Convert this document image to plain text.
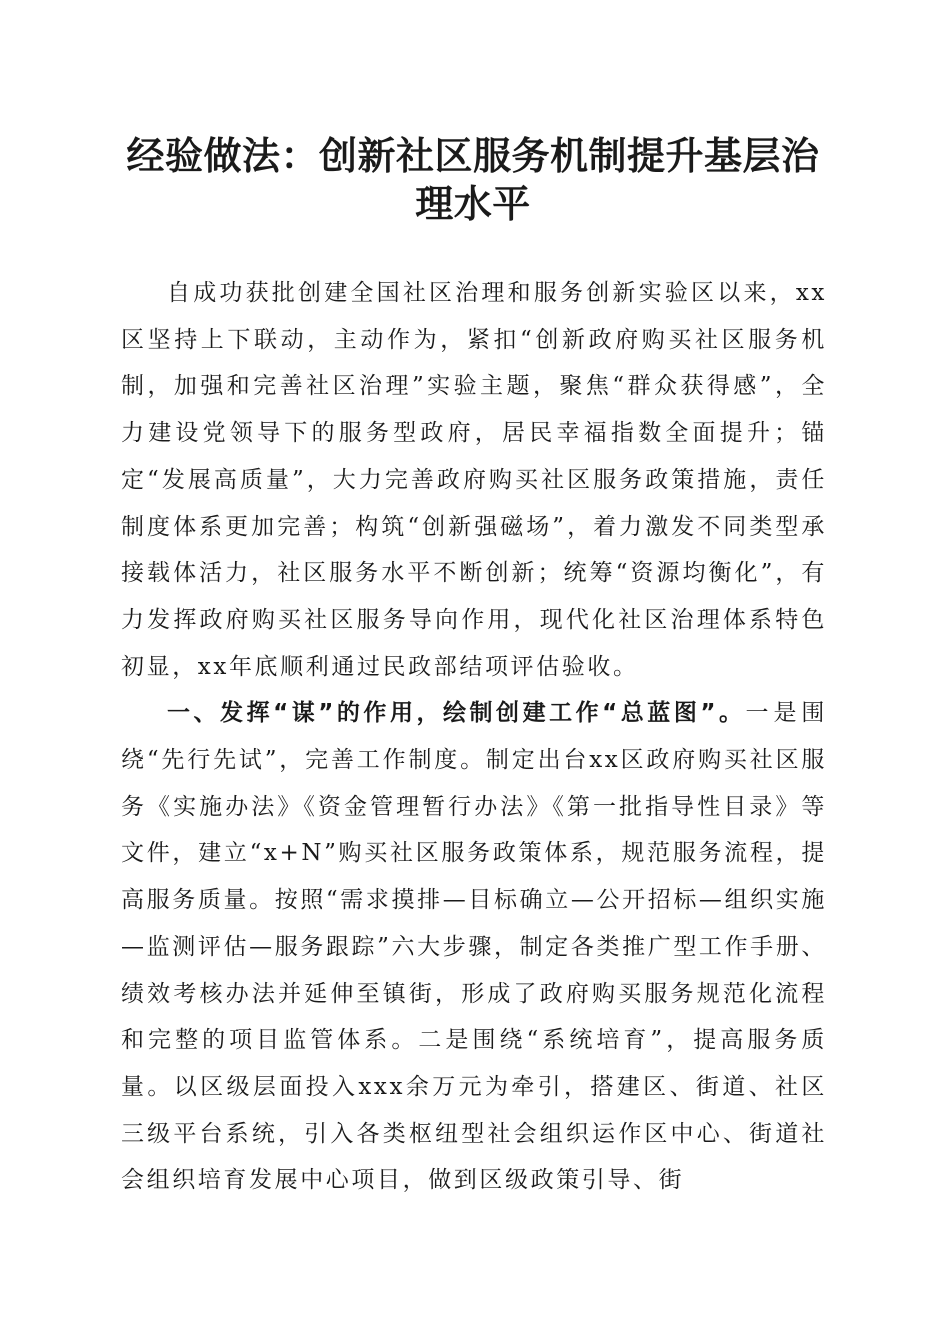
经验做法：创新社区服务机制提升基层治理水平

自成功获批创建全国社区治理和服务创新实验区以来，xx区坚持上下联动，主动作为，紧扣“创新政府购买社区服务机制，加强和完善社区治理”实验主题，聚焦“群众获得感”，全力建设党领导下的服务型政府，居民幸福指数全面提升；锚定“发展高质量”，大力完善政府购买社区服务政策措施，责任制度体系更加完善；构筑“创新强磁场”，着力激发不同类型承接载体活力，社区服务水平不断创新；统筹“资源均衡化”，有力发挥政府购买社区服务导向作用，现代化社区治理体系特色初显，xx年底顺利通过民政部结项评估验收。

一、发挥“谋”的作用，绘制创建工作“总蓝图”。一是围绕“先行先试”，完善工作制度。制定出台xx区政府购买社区服务《实施办法》《资金管理暂行办法》《第一批指导性目录》等文件，建立“x+N”购买社区服务政策体系，规范服务流程，提高服务质量。按照“需求摸排—目标确立—公开招标—组织实施—监测评估—服务跟踪”六大步骤，制定各类推广型工作手册、绩效考核办法并延伸至镇街，形成了政府购买服务规范化流程和完整的项目监管体系。二是围绕“系统培育”，提高服务质量。以区级层面投入xxx余万元为牵引，搭建区、街道、社区三级平台系统，引入各类枢纽型社会组织运作区中心、街道社会组织培育发展中心项目，做到区级政策引导、街
